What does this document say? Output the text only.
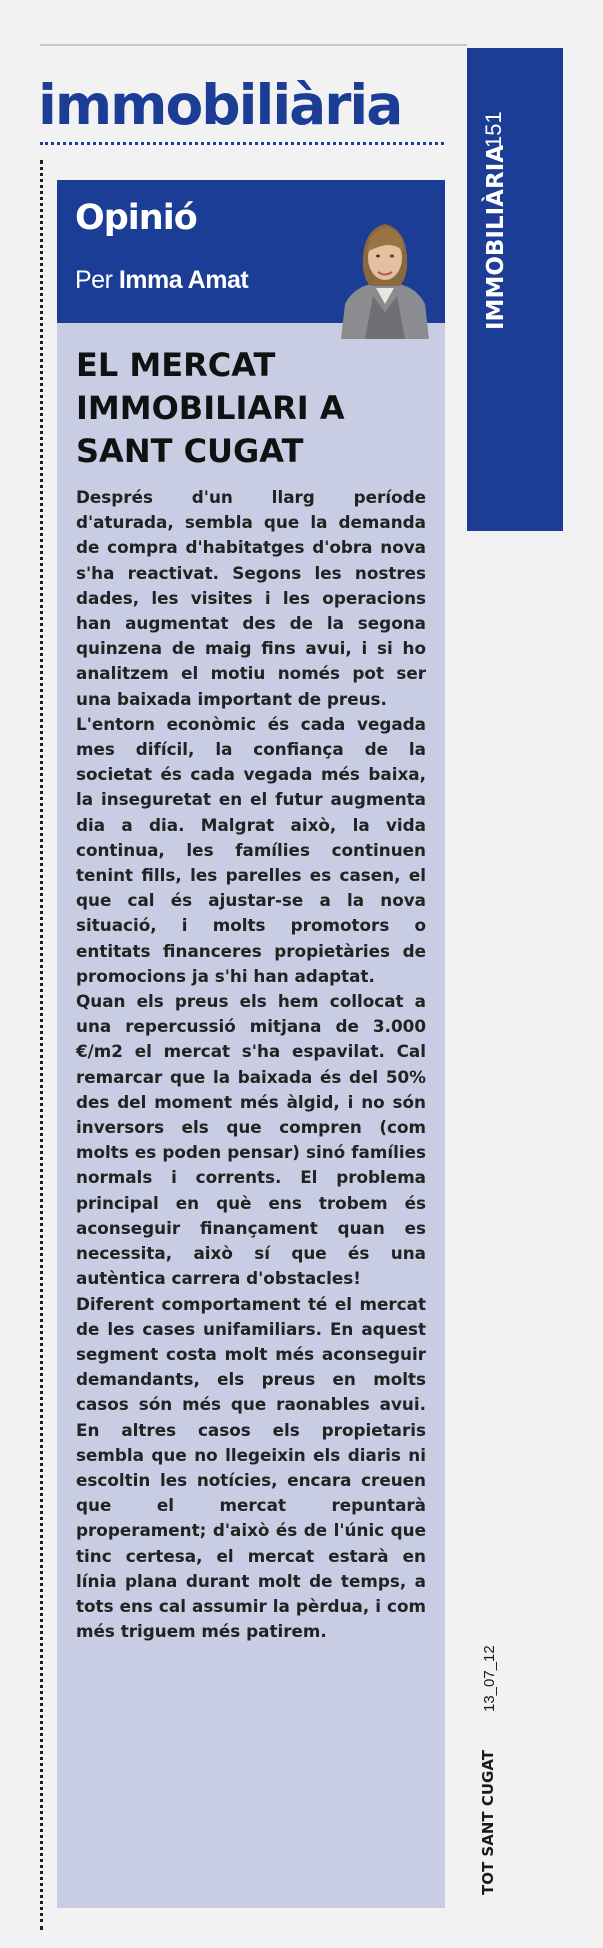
immobiliària
Opinió
Per Imma Amat
EL MERCAT
IMMOBILIARI A
SANT CUGAT

Després d'un llarg període d'aturada, sembla que la demanda de compra d'habitatges d'obra nova s'ha reactivat. Segons les nostres dades, les visites i les operacions han augmentat des de la segona quinzena de maig fins avui, i si ho analitzem el motiu només pot ser una baixada important de preus.

L'entorn econòmic és cada vegada mes difícil, la confiança de la societat és cada vegada més baixa, la inseguretat en el futur augmenta dia a dia. Malgrat això, la vida continua, les famílies continuen tenint fills, les parelles es casen, el que cal és ajustar-se a la nova situació, i molts promotors o entitats financeres propietàries de promocions ja s'hi han adaptat.

Quan els preus els hem collocat a una repercussió mitjana de 3.000 €/m2 el mercat s'ha espavilat. Cal remarcar que la baixada és del 50% des del moment més àlgid, i no són inversors els que compren (com molts es poden pensar) sinó famílies normals i corrents. El problema principal en què ens trobem és aconseguir finançament quan es necessita, això sí que és una autèntica carrera d'obstacles!

Diferent comportament té el mercat de les cases unifamiliars. En aquest segment costa molt més aconseguir demandants, els preus en molts casos són més que raonables avui. En altres casos els propietaris sembla que no llegeixin els diaris ni escoltin les notícies, encara creuen que el mercat repuntarà properament; d'això és de l'únic que tinc certesa, el mercat estarà en línia plana durant molt de temps, a tots ens cal assumir la pèrdua, i com més triguem més patirem.

151
IMMOBILIÀRIA
TOT SANT CUGAT
13_07_12
